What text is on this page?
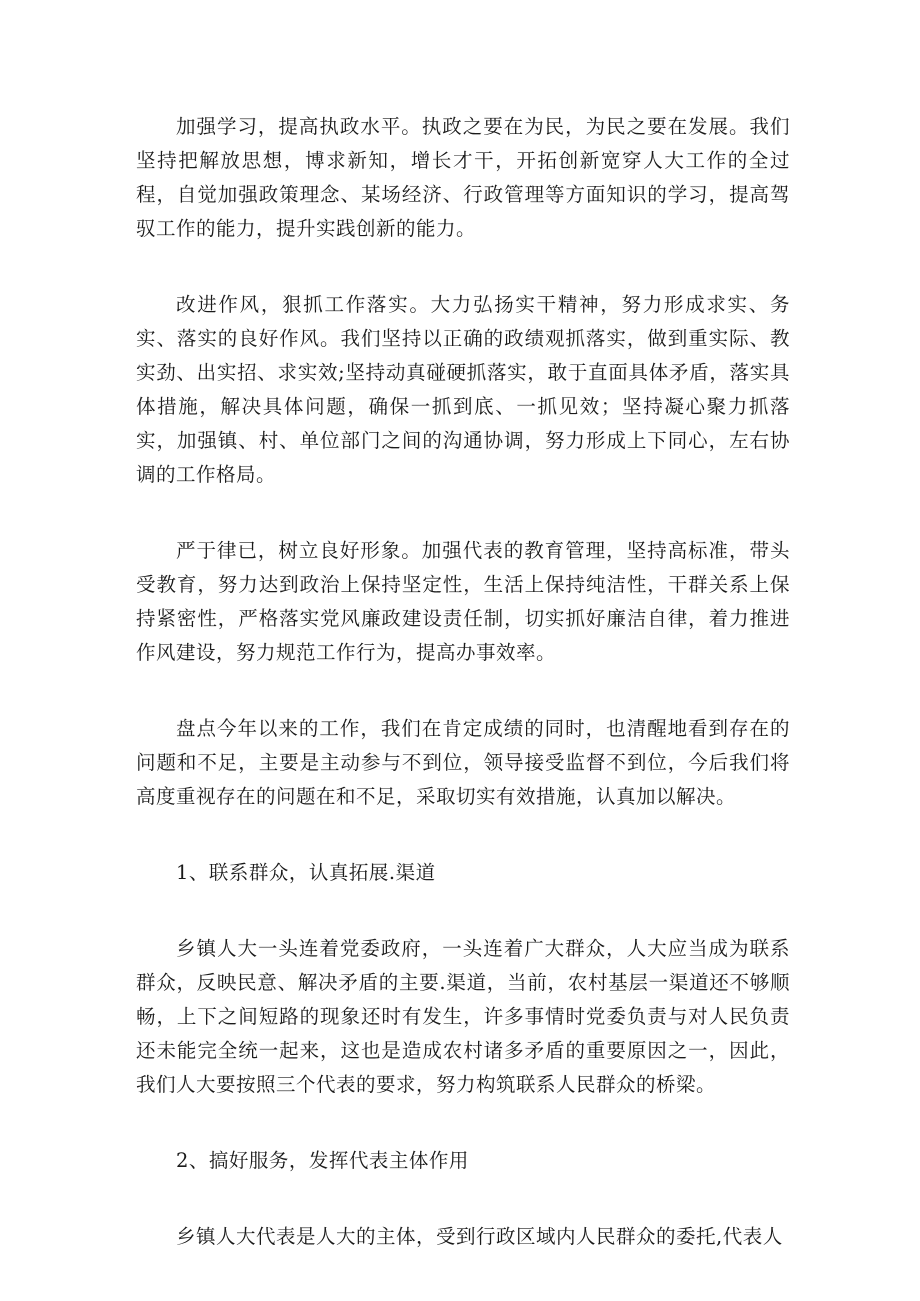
加强学习，提高执政水平。执政之要在为民，为民之要在发展。我们坚持把解放思想，博求新知，增长才干，开拓创新宽穿人大工作的全过程，自觉加强政策理念、某场经济、行政管理等方面知识的学习，提高驾驭工作的能力，提升实践创新的能力。

改进作风，狠抓工作落实。大力弘扬实干精神，努力形成求实、务实、落实的良好作风。我们坚持以正确的政绩观抓落实，做到重实际、教实劲、出实招、求实效;坚持动真碰硬抓落实，敢于直面具体矛盾，落实具体措施，解决具体问题，确保一抓到底、一抓见效；坚持凝心聚力抓落实，加强镇、村、单位部门之间的沟通协调，努力形成上下同心，左右协调的工作格局。

严于律已，树立良好形象。加强代表的教育管理，坚持高标准，带头受教育，努力达到政治上保持坚定性，生活上保持纯洁性，干群关系上保持紧密性，严格落实党风廉政建设责任制，切实抓好廉洁自律，着力推进作风建设，努力规范工作行为，提高办事效率。

盘点今年以来的工作，我们在肯定成绩的同时，也清醒地看到存在的问题和不足，主要是主动参与不到位，领导接受监督不到位，今后我们将高度重视存在的问题在和不足，采取切实有效措施，认真加以解决。

1、联系群众，认真拓展.渠道

乡镇人大一头连着党委政府，一头连着广大群众，人大应当成为联系群众，反映民意、解决矛盾的主要.渠道，当前，农村基层一渠道还不够顺畅，上下之间短路的现象还时有发生，许多事情时党委负责与对人民负责还未能完全统一起来，这也是造成农村诸多矛盾的重要原因之一，因此，我们人大要按照三个代表的要求，努力构筑联系人民群众的桥梁。

2、搞好服务，发挥代表主体作用

乡镇人大代表是人大的主体，受到行政区域内人民群众的委托,代表人
